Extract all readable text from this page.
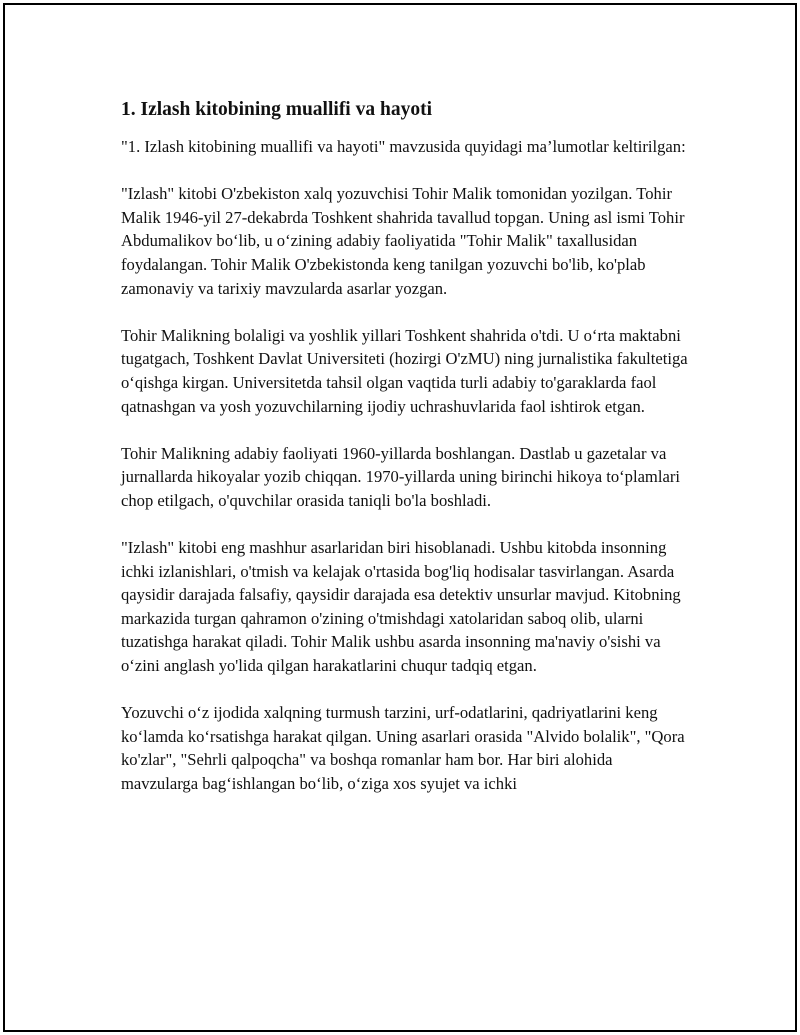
1. Izlash kitobining muallifi va hayoti

"1. Izlash kitobining muallifi va hayoti" mavzusida quyidagi ma’lumotlar keltirilgan:

"Izlash" kitobi O'zbekiston xalq yozuvchisi Tohir Malik tomonidan yozilgan. Tohir Malik 1946-yil 27-dekabrda Toshkent shahrida tavallud topgan. Uning asl ismi Tohir Abdumalikov bo‘lib, u o‘zining adabiy faoliyatida "Tohir Malik" taxallusidan foydalangan. Tohir Malik O'zbekistonda keng tanilgan yozuvchi bo'lib, ko'plab zamonaviy va tarixiy mavzularda asarlar yozgan.

Tohir Malikning bolaligi va yoshlik yillari Toshkent shahrida o'tdi. U o‘rta maktabni tugatgach, Toshkent Davlat Universiteti (hozirgi O'zMU) ning jurnalistika fakultetiga o‘qishga kirgan. Universitetda tahsil olgan vaqtida turli adabiy to'garaklarda faol qatnashgan va yosh yozuvchilarning ijodiy uchrashuvlarida faol ishtirok etgan.

Tohir Malikning adabiy faoliyati 1960-yillarda boshlangan. Dastlab u gazetalar va jurnallarda hikoyalar yozib chiqqan. 1970-yillarda uning birinchi hikoya to‘plamlari chop etilgach, o'quvchilar orasida taniqli bo'la boshladi.

"Izlash" kitobi eng mashhur asarlaridan biri hisoblanadi. Ushbu kitobda insonning ichki izlanishlari, o'tmish va kelajak o'rtasida bog'liq hodisalar tasvirlangan. Asarda qaysidir darajada falsafiy, qaysidir darajada esa detektiv unsurlar mavjud. Kitobning markazida turgan qahramon o'zining o'tmishdagi xatolaridan saboq olib, ularni tuzatishga harakat qiladi. Tohir Malik ushbu asarda insonning ma'naviy o'sishi va o‘zini anglash yo'lida qilgan harakatlarini chuqur tadqiq etgan.

Yozuvchi o‘z ijodida xalqning turmush tarzini, urf-odatlarini, qadriyatlarini keng ko‘lamda ko‘rsatishga harakat qilgan. Uning asarlari orasida "Alvido bolalik", "Qora ko'zlar", "Sehrli qalpoqcha" va boshqa romanlar ham bor. Har biri alohida mavzularga bag‘ishlangan bo‘lib, o‘ziga xos syujet va ichki
